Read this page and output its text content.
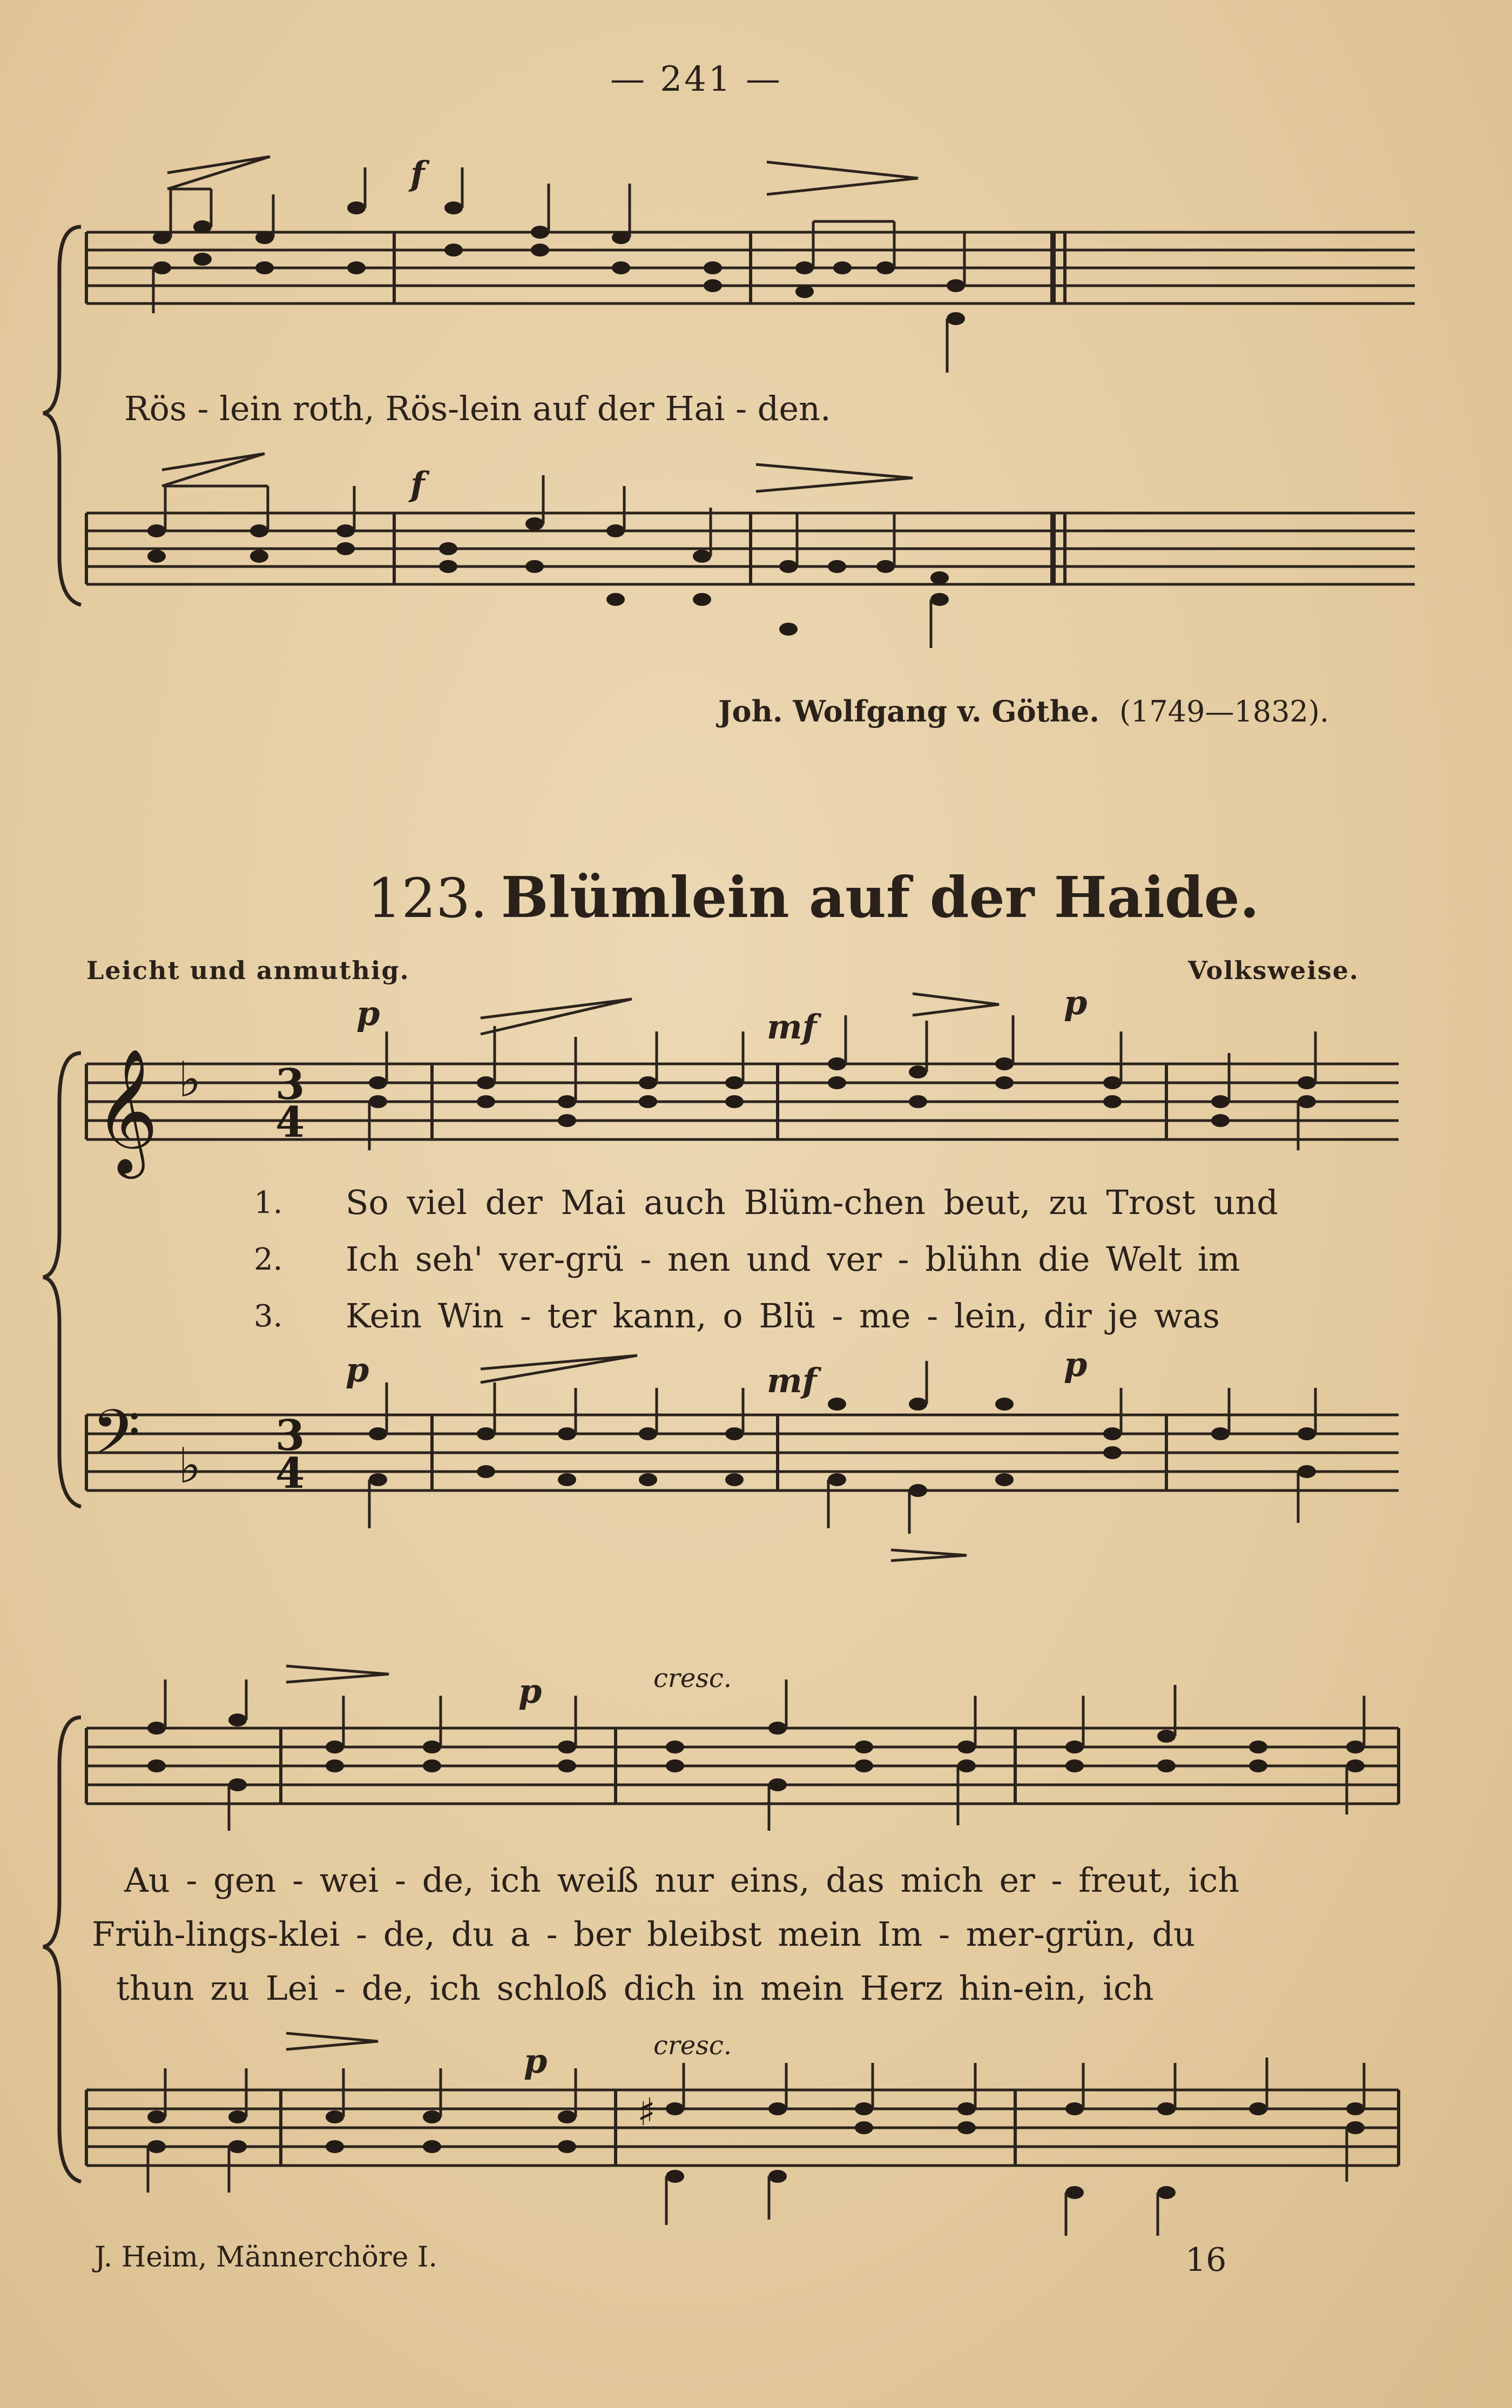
— 241 —
f
f
Rös - lein roth, Rös-lein auf der Hai - den.
Joh. Wolfgang v. Göthe. (1749—1832).
123. Blümlein auf der Haide.
Leicht und anmuthig.	Volksweise.
𝄞 ♭ 3
4
𝄢 ♭
3
4
p	mf
p
1.
2.
3.
So viel der Mai auch Blüm-chen beut, zu Trost und
Ich seh' ver-grü - nen und ver - blühn die Welt im
Kein Win - ter kann, o Blü - me - lein, dir je was
p	mf	p
♯
p	cresc.
Au - gen - wei - de, ich weiß nur eins, das mich er - freut, ich
Früh-lings-klei - de, du a - ber bleibst mein Im - mer-grün, du
thun zu Lei - de, ich schloß dich in mein Herz hin-ein, ich
p	cresc.
J. Heim, Männerchöre I.	16
